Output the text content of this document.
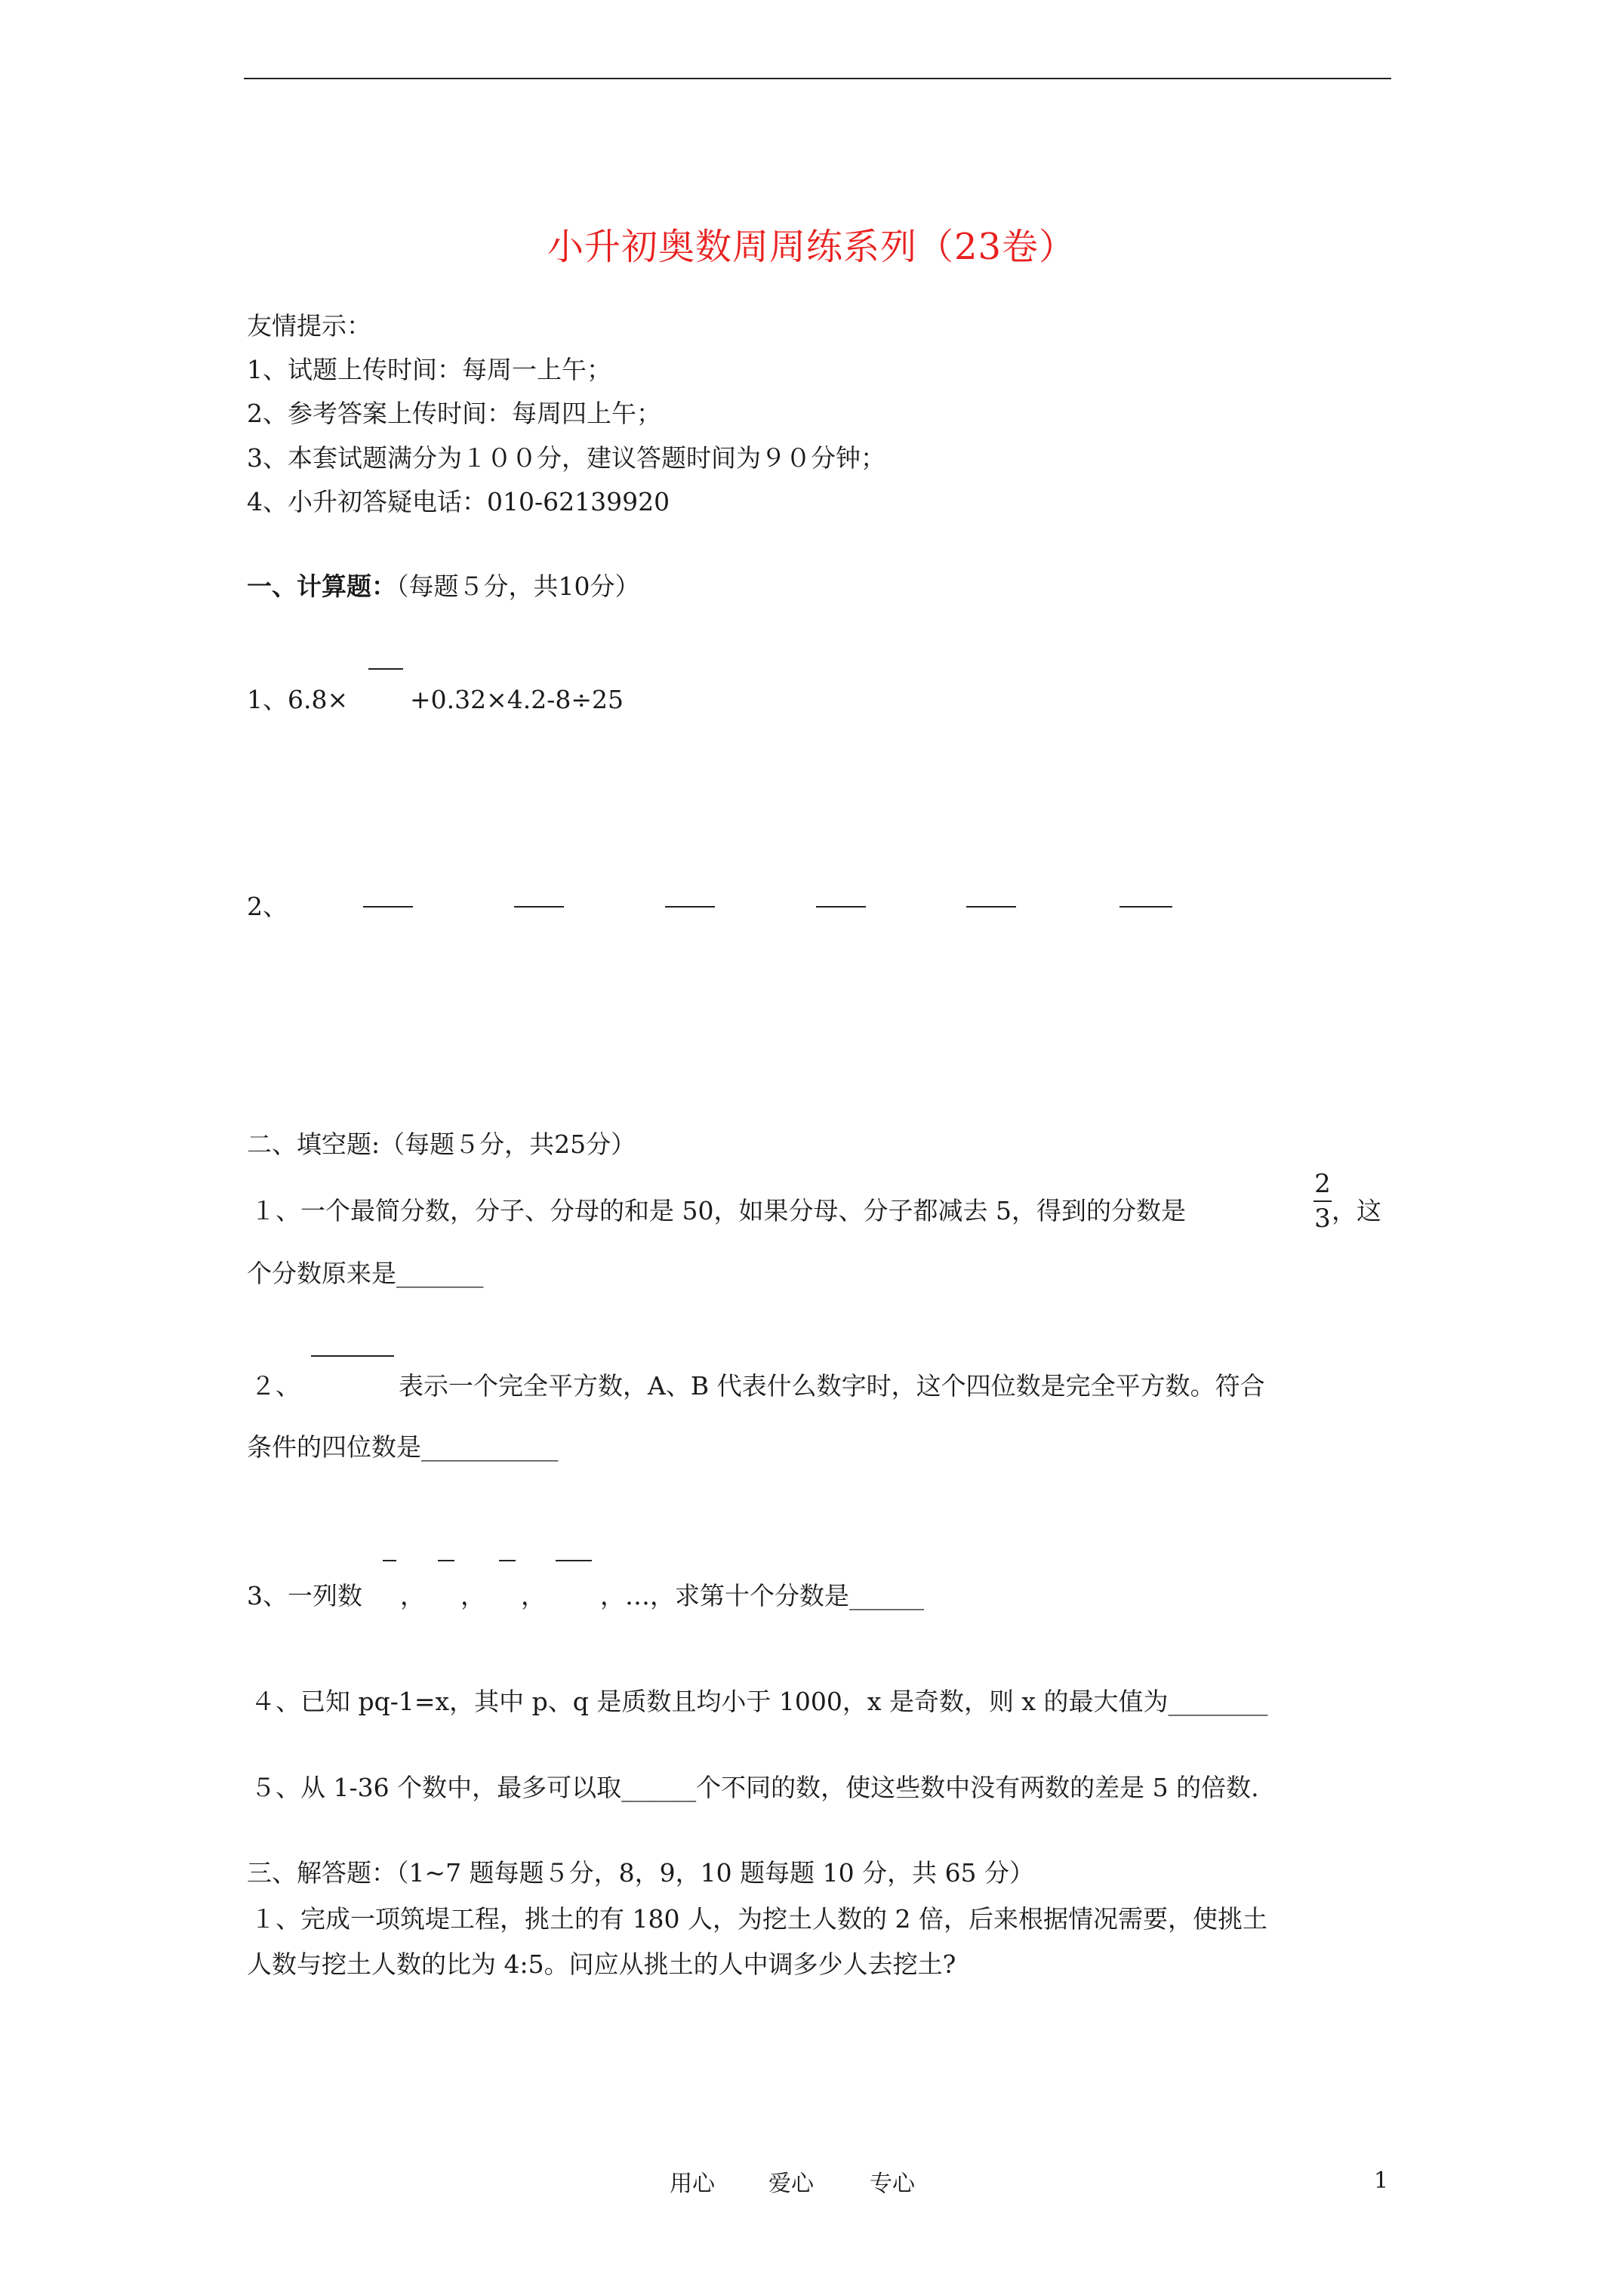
小升初奥数周周练系列（23卷）
友情提示：
1、试题上传时间：每周一上午；
2、参考答案上传时间：每周四上午；
3、本套试题满分为１００分，建议答题时间为９０分钟；
4、小升初答疑电话：010-62139920
一、计算题：（每题５分，共10分）
1、6.8× +0.32×4.2-8÷25
2、
二、填空题:（每题５分，共25分）
１、一个最简分数，分子、分母的和是 50，如果分母、分子都减去 5，得到的分数是
2
3 ，这
个分数原来是_______
２、	表示一个完全平方数，A、B 代表什么数字时，这个四位数是完全平方数。符合
条件的四位数是___________
3、一列数 ， ， ， ，…，求第十个分数是______
４、已知 pq-1=x，其中 p、q 是质数且均小于 1000，x 是奇数，则 x 的最大值为________
５、从 1-36 个数中，最多可以取______个不同的数，使这些数中没有两数的差是 5 的倍数.
三、解答题：（1~7 题每题５分，8，9，10 题每题 10 分，共 65 分）
１、完成一项筑堤工程，挑土的有 180 人，为挖土人数的 2 倍，后来根据情况需要，使挑土
人数与挖土人数的比为 4:5。问应从挑土的人中调多少人去挖土?
用心 爱心 专心	1
